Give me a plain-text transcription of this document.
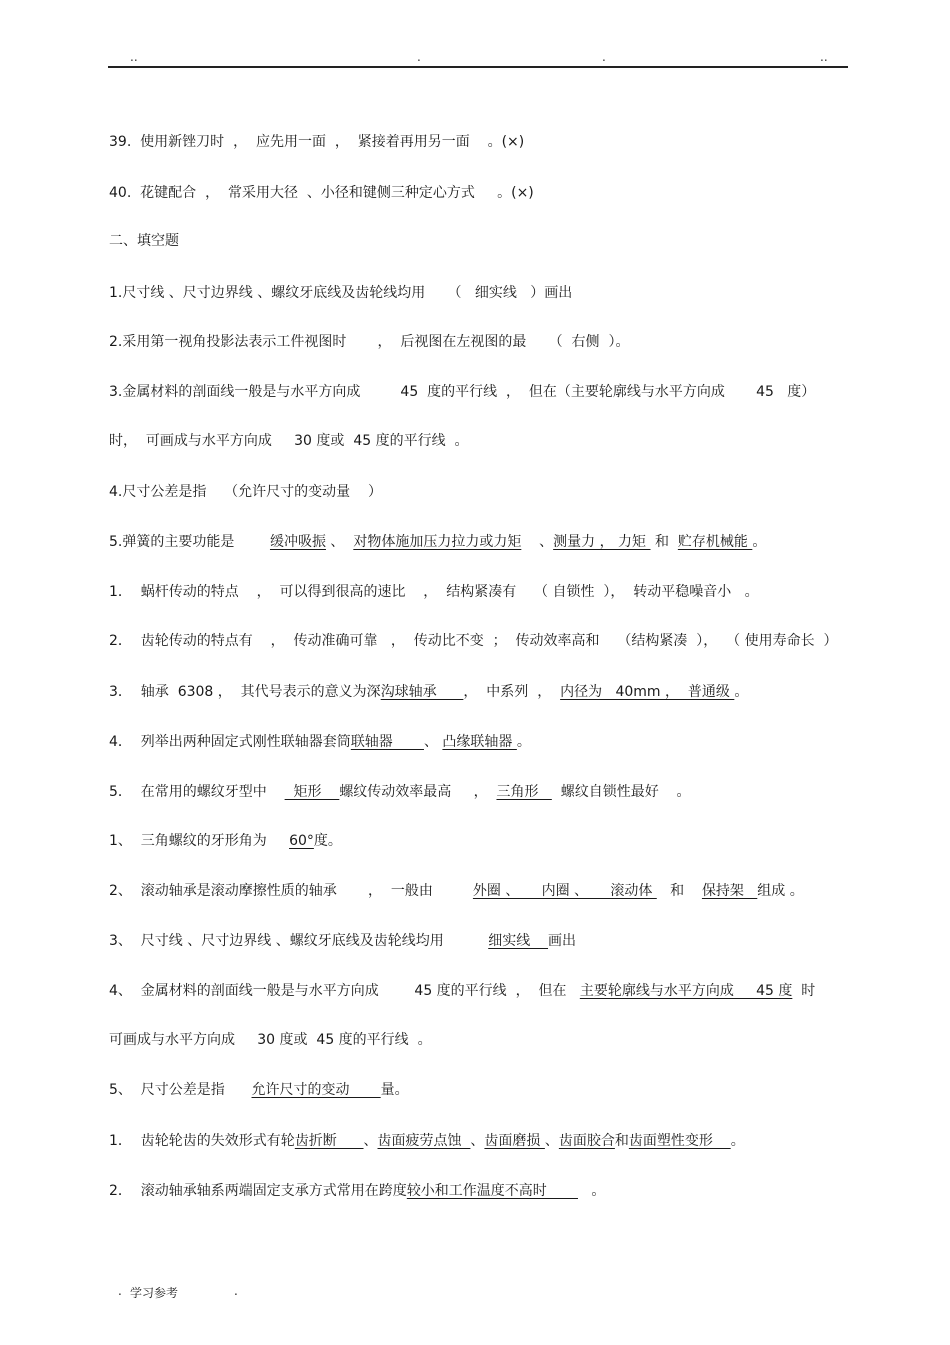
..	.	.	..
39.  使用新锉刀时  ，  应先用一面  ，  紧接着再用另一面    。(×)
40.  花键配合  ，  常采用大径  、小径和键侧三种定心方式     。(×)
二、填空题
1.尺寸线 、尺寸边界线 、螺纹牙底线及齿轮线均用     （   细实线   ）画出
2.采用第一视角投影法表示工件视图时       ，  后视图在左视图的最     （  右侧  ）。
3.金属材料的剖面线一般是与水平方向成         45  度的平行线  ，  但在（主要轮廓线与水平方向成       45   度）
时，  可画成与水平方向成     30 度或  45 度的平行线  。
4.尺寸公差是指    （允许尺寸的变动量    ）
5.弹簧的主要功能是        缓冲吸振 、  对物体施加压力拉力或力矩    、测量力 ， 力矩  和  贮存机械能 。
1．  蜗杆传动的特点    ，  可以得到很高的速比    ，  结构紧凑有    （ 自锁性  ），  转动平稳噪音小   。
2．  齿轮传动的特点有    ，  传动准确可靠   ，  传动比不变  ；  传动效率高和    （结构紧凑  ），  （ 使用寿命长  ）
3．  轴承  6308 ，  其代号表示的意义为深沟球轴承      ，  中系列  ，  内径为   40mm ，  普通级 。
4．  列举出两种固定式刚性联轴器套筒联轴器       、 凸缘联轴器 。
5．  在常用的螺纹牙型中      矩形    螺纹传动效率最高     ，  三角形     螺纹自锁性最好    。
1、  三角螺纹的牙形角为     60°度。
2、  滚动轴承是滚动摩擦性质的轴承       ，  一般由         外圈 、     内圈 、     滚动体    和    保持架   组成 。
3、  尺寸线 、尺寸边界线 、螺纹牙底线及齿轮线均用          细实线    画出
4、  金属材料的剖面线一般是与水平方向成        45 度的平行线  ，  但在   主要轮廓线与水平方向成     45 度  时
可画成与水平方向成     30 度或  45 度的平行线  。
5、  尺寸公差是指      允许尺寸的变动       量。
1．  齿轮轮齿的失效形式有轮齿折断      、齿面疲劳点蚀  、齿面磨损 、齿面胶合和齿面塑性变形    。
2．  滚动轴承轴系两端固定支承方式常用在跨度较小和工作温度不高时          。
. 学习参考	.
